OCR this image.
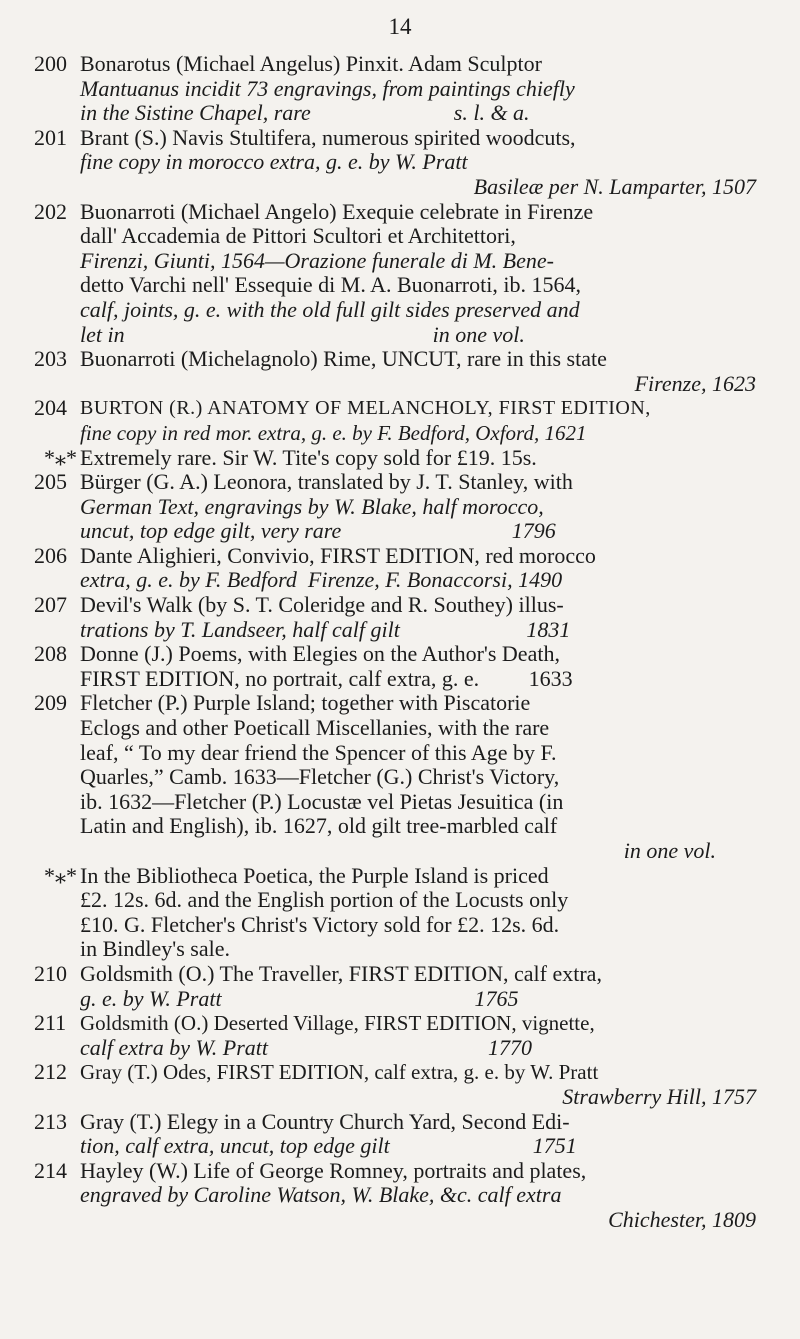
14
200 Bonarotus (Michael Angelus) Pinxit. Adam Sculptor
Mantuanus incidit 73 engravings, from paintings chiefly
in the Sistine Chapel, rare                          s. l. & a.
201 Brant (S.) Navis Stultifera, numerous spirited woodcuts,
fine copy in morocco extra, g. e. by W. Pratt
Basileæ per N. Lamparter, 1507
202 Buonarroti (Michael Angelo) Exequie celebrate in Firenze
dall' Accademia de Pittori Scultori et Architettori,
Firenzi, Giunti, 1564—Orazione funerale di M. Bene-
detto Varchi nell' Essequie di M. A. Buonarroti, ib. 1564,
calf, joints, g. e. with the old full gilt sides preserved and
let in                                                        in one vol.
203 Buonarroti (Michelagnolo) Rime, UNCUT, rare in this state
Firenze, 1623
204 BURTON (R.) ANATOMY OF MELANCHOLY, FIRST EDITION,
fine copy in red mor. extra, g. e. by F. Bedford, Oxford, 1621
*⁎* Extremely rare. Sir W. Tite's copy sold for £19. 15s.
205 Bürger (G. A.) Leonora, translated by J. T. Stanley, with
German Text, engravings by W. Blake, half morocco,
uncut, top edge gilt, very rare                               1796
206 Dante Alighieri, Convivio, FIRST EDITION, red morocco
extra, g. e. by F. Bedford  Firenze, F. Bonaccorsi, 1490
207 Devil's Walk (by S. T. Coleridge and R. Southey) illus-
trations by T. Landseer, half calf gilt                       1831
208 Donne (J.) Poems, with Elegies on the Author's Death,
FIRST EDITION, no portrait, calf extra, g. e.         1633
209 Fletcher (P.) Purple Island; together with Piscatorie
Eclogs and other Poeticall Miscellanies, with the rare
leaf, “ To my dear friend the Spencer of this Age by F.
Quarles,” Camb. 1633—Fletcher (G.) Christ's Victory,
ib. 1632—Fletcher (P.) Locustæ vel Pietas Jesuitica (in
Latin and English), ib. 1627, old gilt tree-marbled calf
in one vol.
*⁎* In the Bibliotheca Poetica, the Purple Island is priced
£2. 12s. 6d. and the English portion of the Locusts only
£10. G. Fletcher's Christ's Victory sold for £2. 12s. 6d.
in Bindley's sale.
210 Goldsmith (O.) The Traveller, FIRST EDITION, calf extra,
g. e. by W. Pratt                                              1765
211 Goldsmith (O.) Deserted Village, FIRST EDITION, vignette,
calf extra by W. Pratt                                        1770
212 Gray (T.) Odes, FIRST EDITION, calf extra, g. e. by W. Pratt
Strawberry Hill, 1757
213 Gray (T.) Elegy in a Country Church Yard, Second Edi-
tion, calf extra, uncut, top edge gilt                          1751
214 Hayley (W.) Life of George Romney, portraits and plates,
engraved by Caroline Watson, W. Blake, &c. calf extra
Chichester, 1809
